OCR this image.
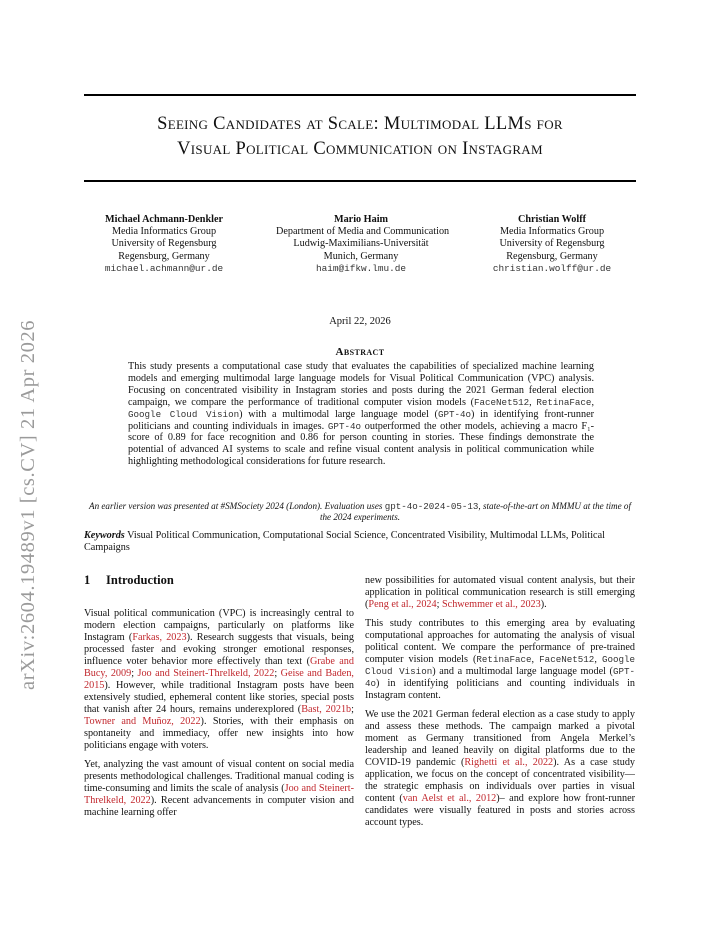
arXiv:2604.19489v1 [cs.CV] 21 Apr 2026
Seeing Candidates at Scale: Multimodal LLMs for
Visual Political Communication on Instagram
Michael Achmann-Denkler
Media Informatics Group
University of Regensburg
Regensburg, Germany
michael.achmann@ur.de
Mario Haim
Department of Media and Communication
Ludwig-Maximilians-Universität
Munich, Germany
haim@ifkw.lmu.de
Christian Wolff
Media Informatics Group
University of Regensburg
Regensburg, Germany
christian.wolff@ur.de
April 22, 2026
Abstract
This study presents a computational case study that evaluates the capabilities of specialized machine learning models and emerging multimodal large language models for Visual Political Communication (VPC) analysis. Focusing on concentrated visibility in Instagram stories and posts during the 2021 German federal election campaign, we compare the performance of traditional computer vision models (FaceNet512, RetinaFace, Google Cloud Vision) with a multimodal large language model (GPT-4o) in identifying front-runner politicians and counting individuals in images. GPT-4o outperformed the other models, achieving a macro F₁-score of 0.89 for face recognition and 0.86 for person counting in stories. These findings demonstrate the potential of advanced AI systems to scale and refine visual content analysis in political communication while highlighting methodological considerations for future research.
An earlier version was presented at #SMSociety 2024 (London). Evaluation uses gpt-4o-2024-05-13, state-of-the-art on MMMU at the time of the 2024 experiments.
Keywords Visual Political Communication, Computational Social Science, Concentrated Visibility, Multimodal LLMs, Political Campaigns
1 Introduction

Visual political communication (VPC) is increasingly central to modern election campaigns, particularly on platforms like Instagram (Farkas, 2023). Research suggests that visuals, being processed faster and evoking stronger emotional responses, influence voter behavior more effectively than text (Grabe and Bucy, 2009; Joo and Steinert-Threlkeld, 2022; Geise and Baden, 2015). However, while traditional Instagram posts have been extensively studied, ephemeral content like stories, special posts that vanish after 24 hours, remains underexplored (Bast, 2021b; Towner and Muñoz, 2022). Stories, with their emphasis on spontaneity and immediacy, offer new insights into how politicians engage with voters.

Yet, analyzing the vast amount of visual content on social media presents methodological challenges. Traditional manual coding is time-consuming and limits the scale of analysis (Joo and Steinert-Threlkeld, 2022). Recent advancements in computer vision and machine learning offer

new possibilities for automated visual content analysis, but their application in political communication research is still emerging (Peng et al., 2024; Schwemmer et al., 2023).

This study contributes to this emerging area by evaluating computational approaches for automating the analysis of visual political content. We compare the performance of pre-trained computer vision models (RetinaFace, FaceNet512, Google Cloud Vision) and a multimodal large language model (GPT-4o) in identifying politicians and counting individuals in Instagram content.

We use the 2021 German federal election as a case study to apply and assess these methods. The campaign marked a pivotal moment as Germany transitioned from Angela Merkel’s leadership and leaned heavily on digital platforms due to the COVID-19 pandemic (Righetti et al., 2022). As a case study application, we focus on the concept of concentrated visibility—the strategic emphasis on individuals over parties in visual content (van Aelst et al., 2012)– and explore how front-runner candidates were visually featured in posts and stories across account types.
